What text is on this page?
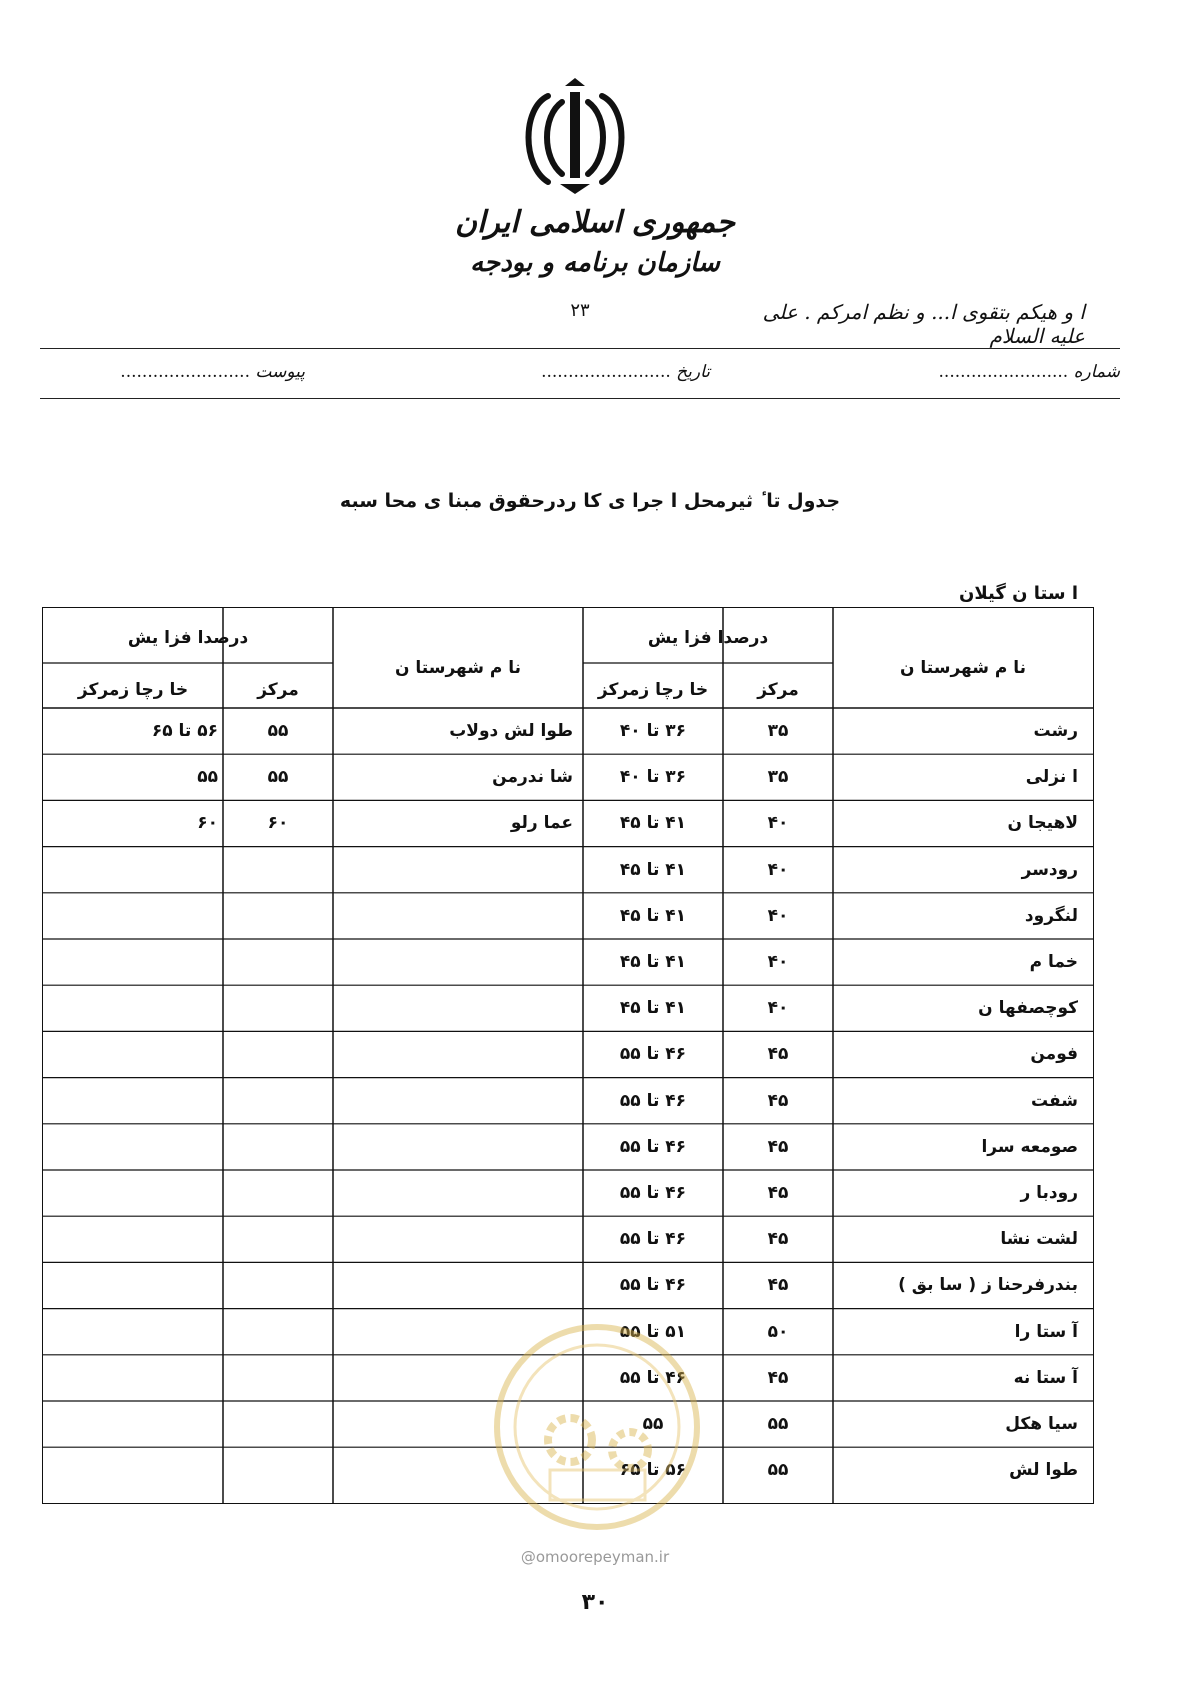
جمهوری اسلامی ایران
سازمان برنامه و بودجه
۲۳	ا و هیکم بتقوی ا... و نظم امرکم . علی علیه السلام
شماره ........................
تاریخ ........................
پیوست ........................
جدول تا ٔ ثیرمحل ا جرا ی کا ردرحقوق مبنا ی محا سبه
ا ستا ن گیلان
نا م شهرستا ن
درصدا فزا یش
مرکز
خا رچا زمرکز
نا م شهرستا ن
درصدا فزا یش
مرکز
خا رچا زمرکز
رشت
۳۵
۳۶ تا ۴۰
ا نزلی
۳۵
۳۶ تا ۴۰
لاهیجا ن
۴۰
۴۱ تا ۴۵
رودسر
۴۰
۴۱ تا ۴۵
لنگرود
۴۰
۴۱ تا ۴۵
خما م
۴۰
۴۱ تا ۴۵
کوچصفها ن
۴۰
۴۱ تا ۴۵
فومن
۴۵
۴۶ تا ۵۵
شفت
۴۵
۴۶ تا ۵۵
صومعه سرا
۴۵
۴۶ تا ۵۵
رودبا ر
۴۵
۴۶ تا ۵۵
لشت نشا
۴۵
۴۶ تا ۵۵
بندرفرحنا ز ( سا بق )
۴۵
۴۶ تا ۵۵
آ ستا را
۵۰
۵۱ تا ۵۵
آ ستا نه
۴۵
۴۶ تا ۵۵
سیا هکل
۵۵
۵۵
طوا لش
۵۵
۵۶ تا ۶۵
طوا لش دولاب
۵۵
۵۶ تا ۶۵
شا ندرمن
۵۵
۵۵
عما رلو
۶۰
۶۰
@omoorepeyman.ir
۳۰
